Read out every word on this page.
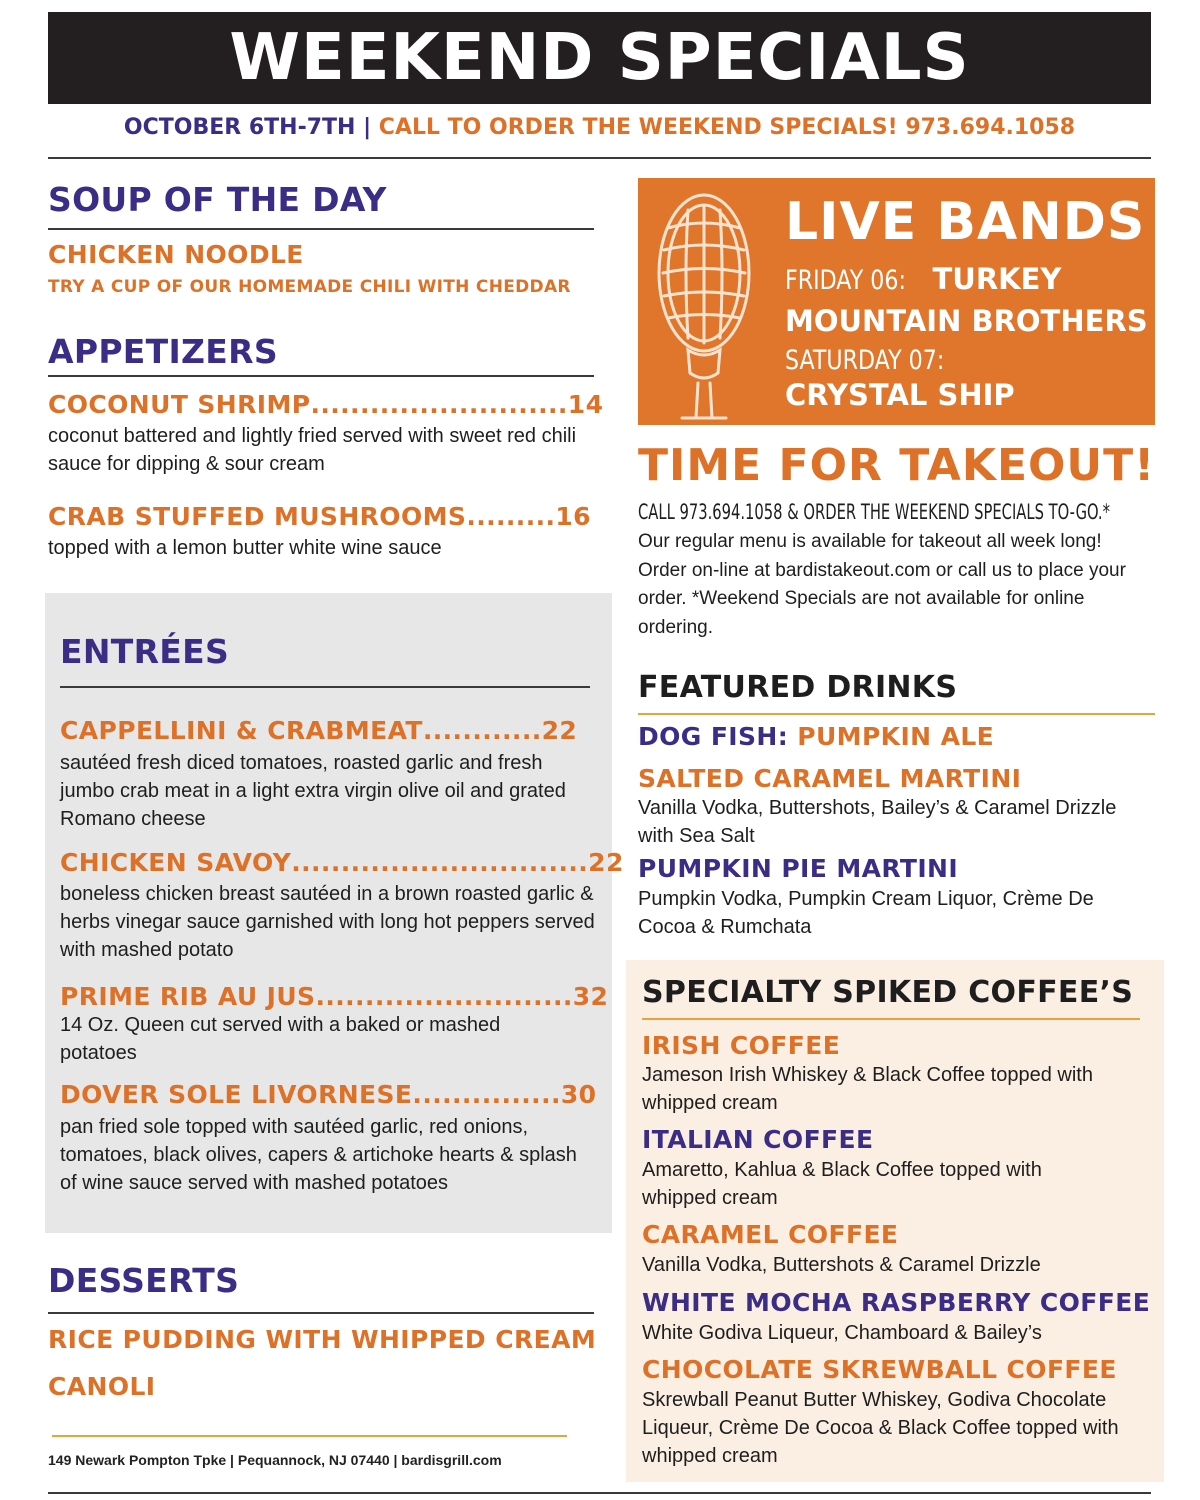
WEEKEND SPECIALS
OCTOBER 6TH-7TH | CALL TO ORDER THE WEEKEND SPECIALS! 973.694.1058
SOUP OF THE DAY
CHICKEN NOODLE
TRY A CUP OF OUR HOMEMADE CHILI WITH CHEDDAR
APPETIZERS
COCONUT SHRIMP .......................... 14
coconut battered and lightly fried served with sweet red chili sauce for dipping & sour cream
CRAB STUFFED MUSHROOMS ......... 16
topped with a lemon butter white wine sauce
ENTRÉES
CAPPELLINI & CRABMEAT ............ 22
sautéed fresh diced tomatoes, roasted garlic and fresh jumbo crab meat in a light extra virgin olive oil and grated Romano cheese
CHICKEN SAVOY .............................. 22
boneless chicken breast sautéed in a brown roasted garlic & herbs vinegar sauce garnished with long hot peppers served with mashed potato
PRIME RIB AU JUS .......................... 32
14 Oz. Queen cut served with a baked or mashed potatoes
DOVER SOLE LIVORNESE ............... 30
pan fried sole topped with sautéed garlic, red onions, tomatoes, black olives, capers & artichoke hearts & splash of wine sauce served with mashed potatoes
DESSERTS
RICE PUDDING WITH WHIPPED CREAM
CANOLI
149 Newark Pompton Tpke | Pequannock, NJ 07440 | bardisgrill.com
LIVE BANDS
FRIDAY 06:TURKEY
MOUNTAIN BROTHERS
SATURDAY 07:
CRYSTAL SHIP
TIME FOR TAKEOUT!
CALL 973.694.1058 & ORDER THE WEEKEND SPECIALS TO-GO.*
Our regular menu is available for takeout all week long! Order on-line at bardistakeout.com or call us to place your order. *Weekend Specials are not available for online ordering.
FEATURED DRINKS
DOG FISH: PUMPKIN ALE
SALTED CARAMEL MARTINI
Vanilla Vodka, Buttershots, Bailey’s & Caramel Drizzle with Sea Salt
PUMPKIN PIE MARTINI
Pumpkin Vodka, Pumpkin Cream Liquor, Crème De Cocoa & Rumchata
SPECIALTY SPIKED COFFEE’S
IRISH COFFEE
Jameson Irish Whiskey & Black Coffee topped with whipped cream
ITALIAN COFFEE
Amaretto, Kahlua & Black Coffee topped with whipped cream
CARAMEL COFFEE
Vanilla Vodka, Buttershots & Caramel Drizzle
WHITE MOCHA RASPBERRY COFFEE
White Godiva Liqueur, Chamboard & Bailey’s
CHOCOLATE SKREWBALL COFFEE
Skrewball Peanut Butter Whiskey, Godiva Chocolate Liqueur, Crème De Cocoa & Black Coffee topped with whipped cream
